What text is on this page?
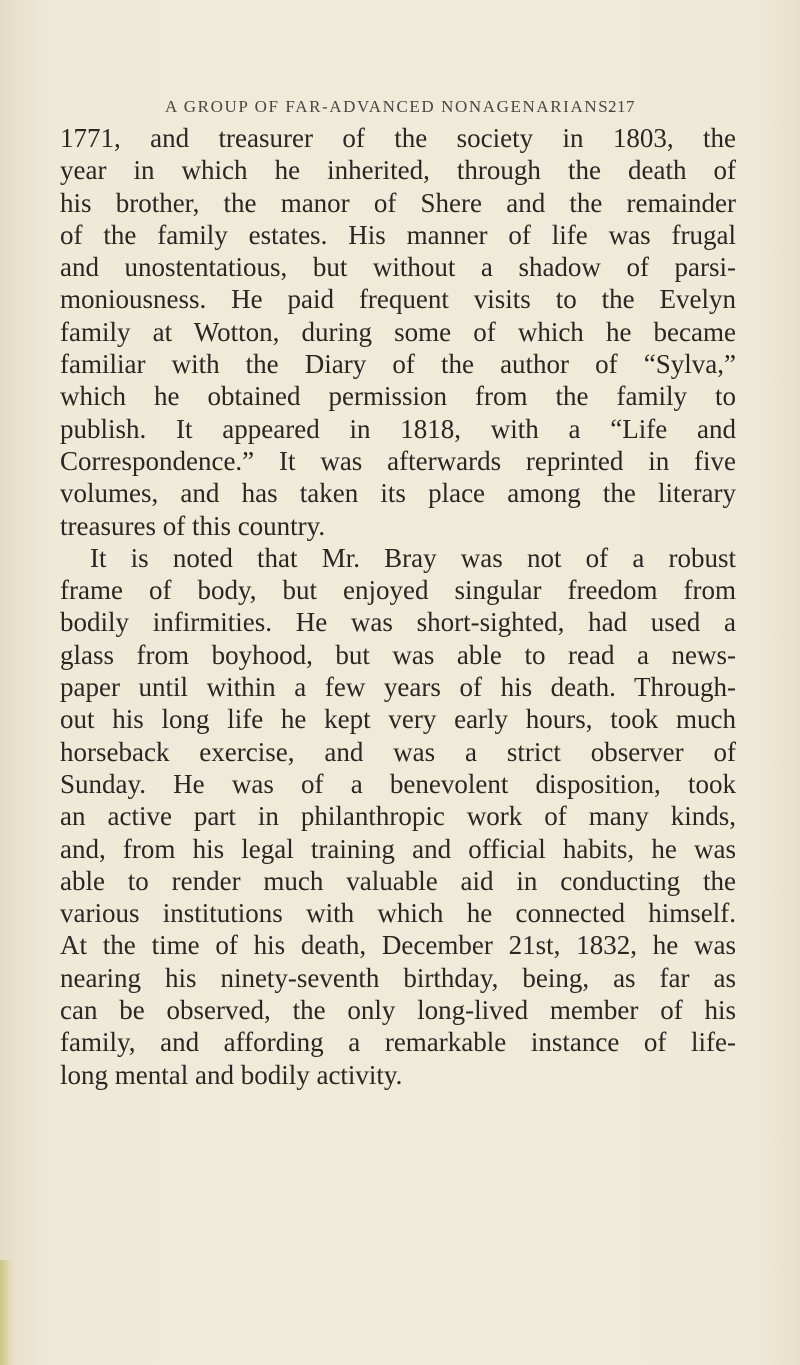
A GROUP OF FAR-ADVANCED NONAGENARIANS.
217
1771, and treasurer of the society in 1803, the
year in which he inherited, through the death of
his brother, the manor of Shere and the remainder
of the family estates. His manner of life was frugal
and unostentatious, but without a shadow of parsi-
moniousness. He paid frequent visits to the Evelyn
family at Wotton, during some of which he became
familiar with the Diary of the author of “Sylva,”
which he obtained permission from the family to
publish. It appeared in 1818, with a “Life and
Correspondence.” It was afterwards reprinted in five
volumes, and has taken its place among the literary
treasures of this country.
It is noted that Mr. Bray was not of a robust
frame of body, but enjoyed singular freedom from
bodily infirmities. He was short-sighted, had used a
glass from boyhood, but was able to read a news-
paper until within a few years of his death. Through-
out his long life he kept very early hours, took much
horseback exercise, and was a strict observer of
Sunday. He was of a benevolent disposition, took
an active part in philanthropic work of many kinds,
and, from his legal training and official habits, he was
able to render much valuable aid in conducting the
various institutions with which he connected himself.
At the time of his death, December 21st, 1832, he was
nearing his ninety-seventh birthday, being, as far as
can be observed, the only long-lived member of his
family, and affording a remarkable instance of life-
long mental and bodily activity.
